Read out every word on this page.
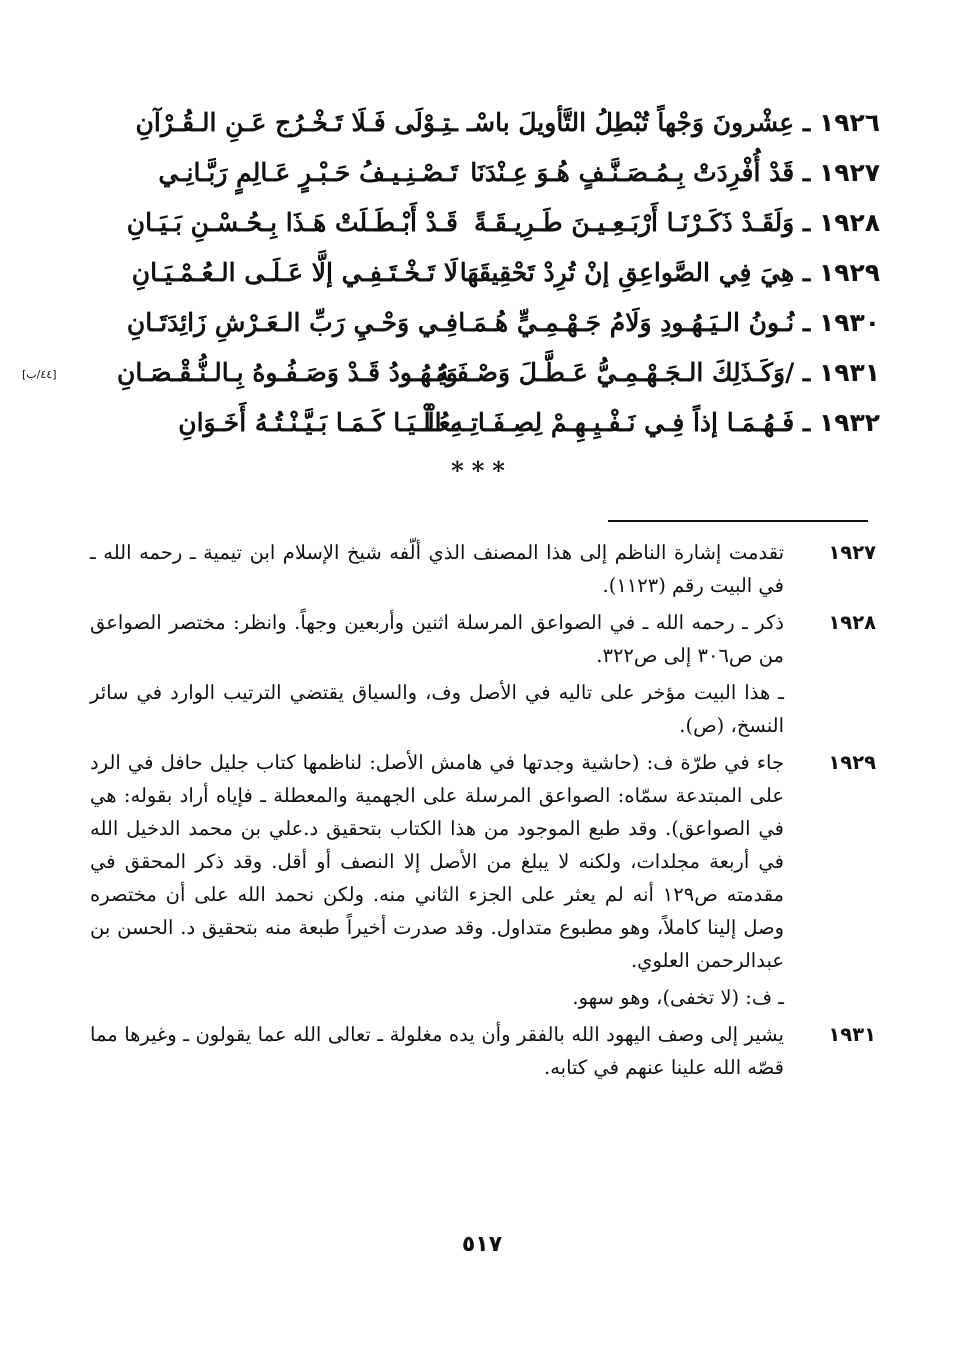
١٩٢٦ ـ عِشْرونَ وَجْهاً تُبْطِلُ التَّأويلَ باسْـ
ـتِـوْلَى فَـلَا تَـخْـرُج عَـنِ الـقُـرْآنِ
١٩٢٧ ـ قَدْ أُفْرِدَتْ بِـمُـصَـنَّـفٍ هُـوَ عِـنْدَنَا
تَـصْـنِـيـفُ حَـبْـرٍ عَـالِمٍ رَبَّـانِـي
١٩٢٨ ـ وَلَقَـدْ ذَكَـرْنَـا أَرْبَـعِـيـنَ طَـرِيـقَـةً
قَـدْ أَبْـطَـلَتْ هَـذَا بِـحُـسْـنِ بَـيَـانِ
١٩٢٩ ـ هِيَ فِي الصَّواعِقِ إنْ تُرِدْ تَحْقِيقَهَا
لَا تَـخْـتَـفِـي إلَّا عَـلَـى الـعُـمْـيَـانِ
١٩٣٠ ـ نُـونُ الـيَـهُـودِ وَلَامُ جَـهْـمِـيٍّ هُـمَـا
فِـي وَحْـيِ رَبِّ الـعَـرْشِ زَائِدَتَـانِ
١٩٣١ ـ /وَكَـذَلِكَ الـجَـهْـمِـيُّ عَـطَّـلَ وَصْـفَـهُ
وَيَـهُـودُ قَـدْ وَصَـفُـوهُ بِـالـنُّـقْـصَـانِ
[٤٤/ب]
١٩٣٢ ـ فَـهُـمَـا إذاً فِـي نَـفْـيِـهِـمْ لِصِـفَـاتِـهِ الْـ
ـعُـلْـيَـا كَـمَـا بَـيَّـنْـتُـهُ أَخَـوَانِ
***
١٩٢٧

تقدمت إشارة الناظم إلى هذا المصنف الذي ألّفه شيخ الإسلام ابن تيمية ـ رحمه الله ـ في البيت رقم (١١٢٣).

١٩٢٨

ذكر ـ رحمه الله ـ في الصواعق المرسلة اثنين وأربعين وجهاً. وانظر: مختصر الصواعق من ص٣٠٦ إلى ص٣٢٢.

ـ هذا البيت مؤخر على تاليه في الأصل وف، والسياق يقتضي الترتيب الوارد في سائر النسخ، (ص).

١٩٢٩

جاء في طرّة ف: (حاشية وجدتها في هامش الأصل: لناظمها كتاب جليل حافل في الرد على المبتدعة سمّاه: الصواعق المرسلة على الجهمية والمعطلة ـ فإياه أراد بقوله: هي في الصواعق). وقد طبع الموجود من هذا الكتاب بتحقيق د.علي بن محمد الدخيل الله في أربعة مجلدات، ولكنه لا يبلغ من الأصل إلا النصف أو أقل. وقد ذكر المحقق في مقدمته ص١٢٩ أنه لم يعثر على الجزء الثاني منه. ولكن نحمد الله على أن مختصره وصل إلينا كاملاً، وهو مطبوع متداول. وقد صدرت أخيراً طبعة منه بتحقيق د. الحسن بن عبدالرحمن العلوي.

ـ ف: (لا تخفى)، وهو سهو.

١٩٣١

يشير إلى وصف اليهود الله بالفقر وأن يده مغلولة ـ تعالى الله عما يقولون ـ وغيرها مما قصّه الله علينا عنهم في كتابه.

٥١٧
